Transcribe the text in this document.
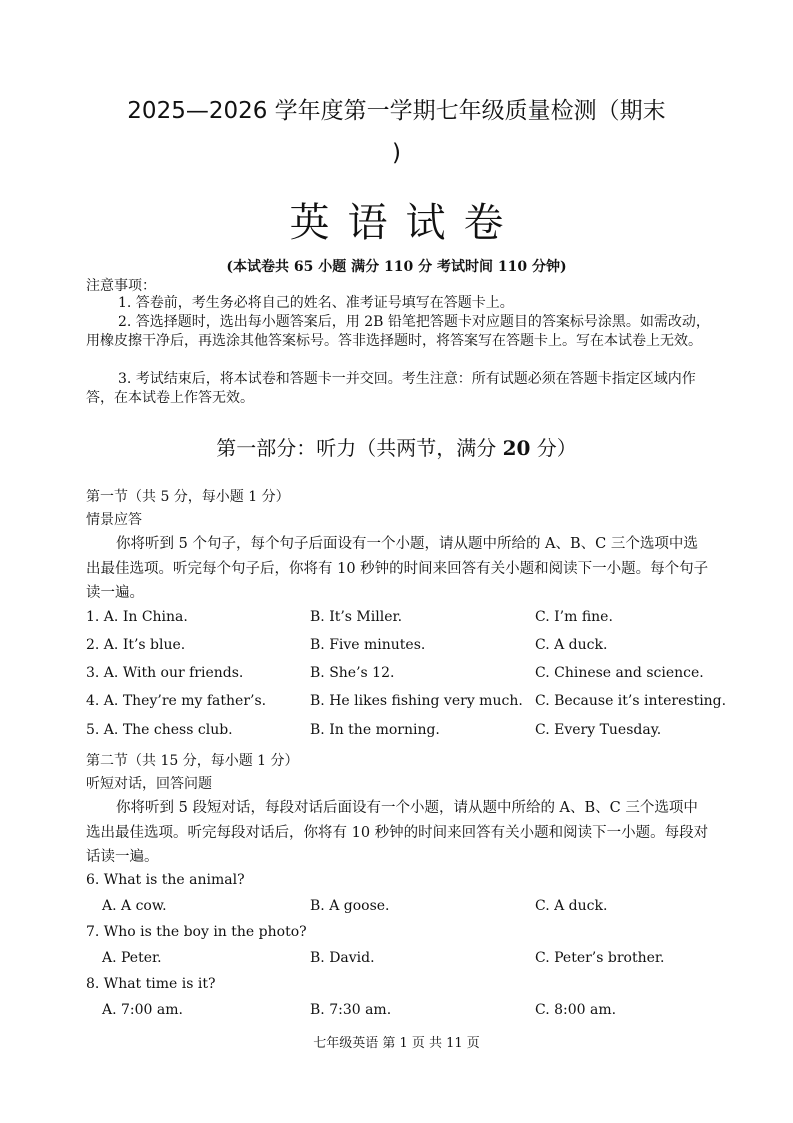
2025—2026 学年度第一学期七年级质量检测（期末
)
英语试卷
(本试卷共 65 小题 满分 110 分 考试时间 110 分钟)
注意事项：
1. 答卷前，考生务必将自己的姓名、准考证号填写在答题卡上。
2. 答选择题时，选出每小题答案后，用 2B 铅笔把答题卡对应题目的答案标号涂黑。如需改动，用橡皮擦干净后，再选涂其他答案标号。答非选择题时，将答案写在答题卡上。写在本试卷上无效。
3. 考试结束后，将本试卷和答题卡一并交回。考生注意：所有试题必须在答题卡指定区域内作答，在本试卷上作答无效。
第一部分：听力（共两节，满分 20 分）
第一节（共 5 分，每小题 1 分）
情景应答
你将听到 5 个句子，每个句子后面设有一个小题，请从题中所给的 A、B、C 三个选项中选出最佳选项。听完每个句子后，你将有 10 秒钟的时间来回答有关小题和阅读下一小题。每个句子读一遍。
1. A. In China.	B. It’s Miller.	C. I’m fine.
2. A. It’s blue.	B. Five minutes.	C. A duck.
3. A. With our friends.	B. She’s 12.	C. Chinese and science.
4. A. They’re my father’s.	B. He likes fishing very much. C. Because it’s interesting.
5. A. The chess club.	B. In the morning.	C. Every Tuesday.
第二节（共 15 分，每小题 1 分）
听短对话，回答问题
你将听到 5 段短对话，每段对话后面设有一个小题，请从题中所给的 A、B、C 三个选项中选出最佳选项。听完每段对话后，你将有 10 秒钟的时间来回答有关小题和阅读下一小题。每段对话读一遍。
6. What is the animal?
A. A cow.	B. A goose.	C. A duck.
7. Who is the boy in the photo?
A. Peter.	B. David.	C. Peter’s brother.
8. What time is it?
A. 7:00 am.	B. 7:30 am.	C. 8:00 am.
七年级英语 第 1 页 共 11 页
